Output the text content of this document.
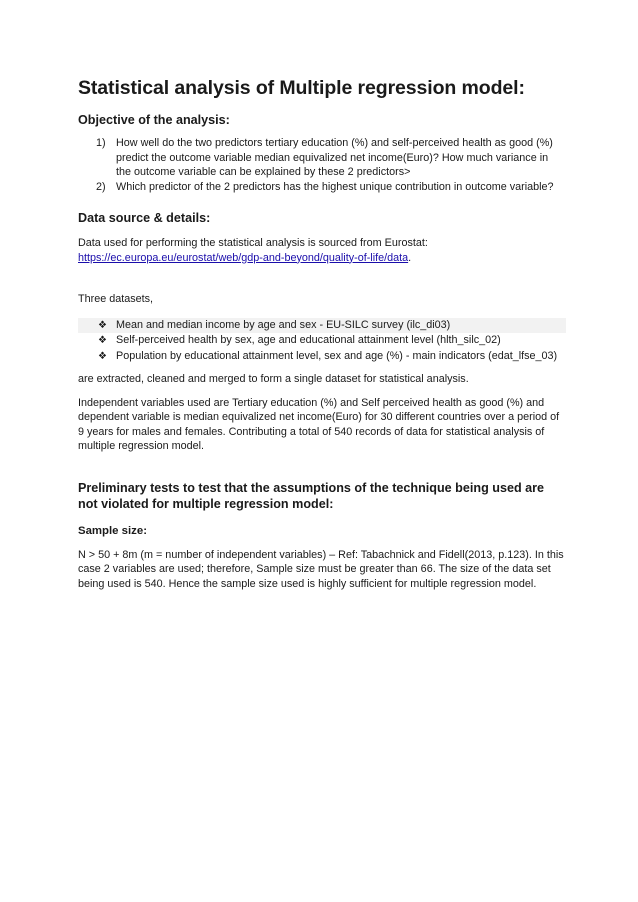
Statistical analysis of Multiple regression model:
Objective of the analysis:
1) How well do the two predictors tertiary education (%) and self-perceived health as good (%) predict the outcome variable median equivalized net income(Euro)? How much variance in the outcome variable can be explained by these 2 predictors>
2) Which predictor of the 2 predictors has the highest unique contribution in outcome variable?
Data source & details:

Data used for performing the statistical analysis is sourced from Eurostat:
https://ec.europa.eu/eurostat/web/gdp-and-beyond/quality-of-life/data.

Three datasets,

❖ Mean and median income by age and sex - EU-SILC survey (ilc_di03)
❖ Self-perceived health by sex, age and educational attainment level (hlth_silc_02)
❖ Population by educational attainment level, sex and age (%) - main indicators (edat_lfse_03)

are extracted, cleaned and merged to form a single dataset for statistical analysis.

Independent variables used are Tertiary education (%) and Self perceived health as good (%) and dependent variable is median equivalized net income(Euro) for 30 different countries over a period of 9 years for males and females. Contributing a total of 540 records of data for statistical analysis of multiple regression model.

Preliminary tests to test that the assumptions of the technique being used are not violated for multiple regression model:
Sample size:

N > 50 + 8m (m = number of independent variables) – Ref: Tabachnick and Fidell(2013, p.123). In this case 2 variables are used; therefore, Sample size must be greater than 66. The size of the data set being used is 540. Hence the sample size used is highly sufficient for multiple regression model.
